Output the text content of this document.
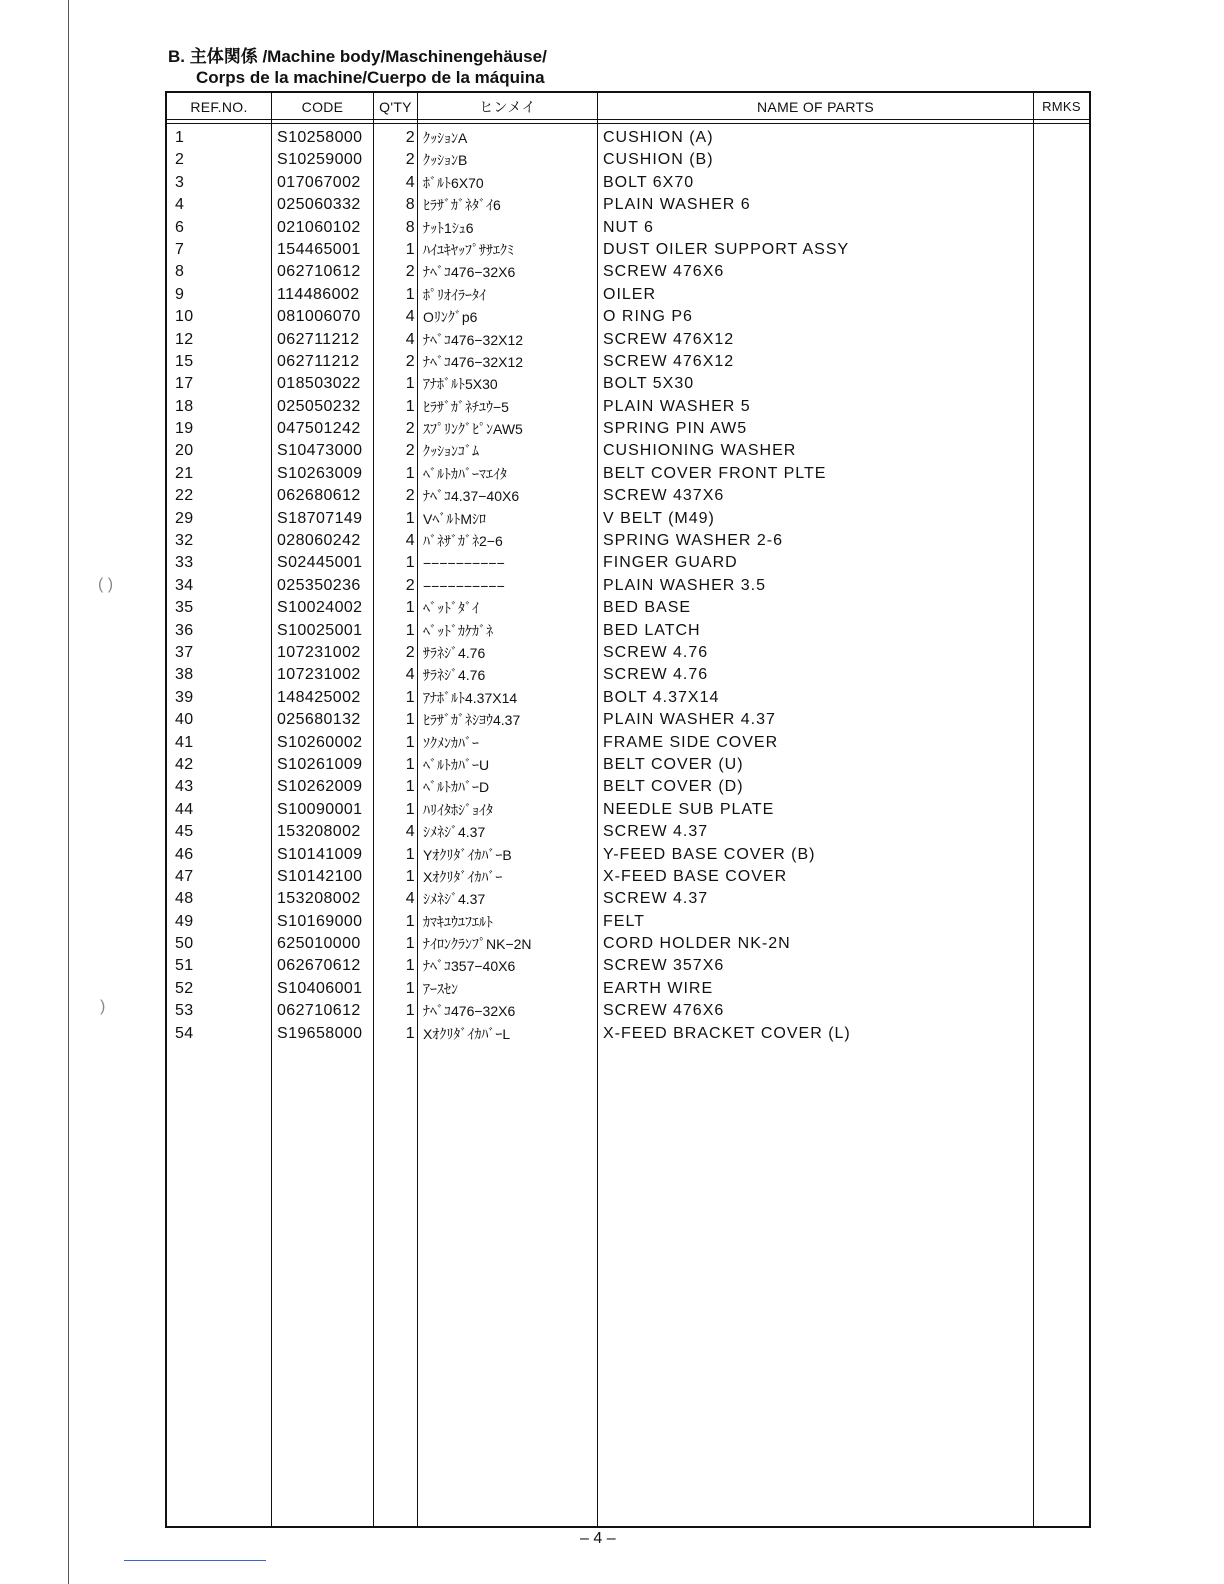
( )
)
B. 主体関係 /Machine body/Maschinengehäuse/
Corps de la machine/Cuerpo de la máquina
REF.NO.	CODE	Q'TY	ヒンメイ	NAME OF PARTS	RMKS
1	S10258000	2 ｸｯｼｮﾝA	CUSHION (A)
2	S10259000	2 ｸｯｼｮﾝB	CUSHION (B)
3	017067002	4 ﾎﾞﾙﾄ6X70	BOLT 6X70
4	025060332	8 ﾋﾗｻﾞｶﾞﾈﾀﾞｲ6	PLAIN WASHER 6
6	021060102	8 ﾅｯﾄ1ｼｭ6	NUT 6
7	154465001	1 ﾊｲﾕｷﾔｯﾌﾟｻｻｴｸﾐ	DUST OILER SUPPORT ASSY
8	062710612	2 ﾅﾍﾞｺ476−32X6	SCREW 476X6
9	114486002	1 ﾎﾟﾘｵｲﾗｰﾀｲ	OILER
10	081006070	4 Oﾘﾝｸﾞp6	O RING P6
12	062711212	4 ﾅﾍﾞｺ476−32X12	SCREW 476X12
15	062711212	2 ﾅﾍﾞｺ476−32X12	SCREW 476X12
17	018503022	1 ｱﾅﾎﾞﾙﾄ5X30	BOLT 5X30
18	025050232	1 ﾋﾗｻﾞｶﾞﾈﾁﾕｳ−5	PLAIN WASHER 5
19	047501242	2 ｽﾌﾟﾘﾝｸﾞﾋﾟﾝAW5	SPRING PIN AW5
20	S10473000	2 ｸｯｼｮﾝｺﾞﾑ	CUSHIONING WASHER
21	S10263009	1 ﾍﾞﾙﾄｶﾊﾞｰﾏｴｲﾀ	BELT COVER FRONT PLTE
22	062680612	2 ﾅﾍﾞｺ4.37−40X6	SCREW 437X6
29	S18707149	1 VﾍﾞﾙﾄMｼﾛ	V BELT (M49)
32	028060242	4 ﾊﾞﾈｻﾞｶﾞﾈ2−6	SPRING WASHER 2-6
33	S02445001	1 −−−−−−−−−−	FINGER GUARD
34	025350236	2 −−−−−−−−−−	PLAIN WASHER 3.5
35	S10024002	1 ﾍﾞｯﾄﾞﾀﾞｲ	BED BASE
36	S10025001	1 ﾍﾞｯﾄﾞｶｹｶﾞﾈ	BED LATCH
37	107231002	2 ｻﾗﾈｼﾞ4.76	SCREW 4.76
38	107231002	4 ｻﾗﾈｼﾞ4.76	SCREW 4.76
39	148425002	1 ｱﾅﾎﾞﾙﾄ4.37X14	BOLT 4.37X14
40	025680132	1 ﾋﾗｻﾞｶﾞﾈｼﾖｳ4.37	PLAIN WASHER 4.37
41	S10260002	1 ｿｸﾒﾝｶﾊﾞｰ	FRAME SIDE COVER
42	S10261009	1 ﾍﾞﾙﾄｶﾊﾞｰU	BELT COVER (U)
43	S10262009	1 ﾍﾞﾙﾄｶﾊﾞｰD	BELT COVER (D)
44	S10090001	1 ﾊﾘｲﾀﾎｼﾞｮｲﾀ	NEEDLE SUB PLATE
45	153208002	4 ｼﾒﾈｼﾞ4.37	SCREW 4.37
46	S10141009	1 YｵｸﾘﾀﾞｲｶﾊﾞｰB	Y-FEED BASE COVER (B)
47	S10142100	1 Xｵｸﾘﾀﾞｲｶﾊﾞｰ	X-FEED BASE COVER
48	153208002	4 ｼﾒﾈｼﾞ4.37	SCREW 4.37
49	S10169000	1 ｶﾏｷﾕｳﾕﾌｴﾙﾄ	FELT
50	625010000	1 ﾅｲﾛﾝｸﾗﾝﾌﾟNK−2N	CORD HOLDER NK-2N
51	062670612	1 ﾅﾍﾞｺ357−40X6	SCREW 357X6
52	S10406001	1 ｱｰｽｾﾝ	EARTH WIRE
53	062710612	1 ﾅﾍﾞｺ476−32X6	SCREW 476X6
54	S19658000	1 XｵｸﾘﾀﾞｲｶﾊﾞｰL	X-FEED BRACKET COVER (L)
– 4 –
